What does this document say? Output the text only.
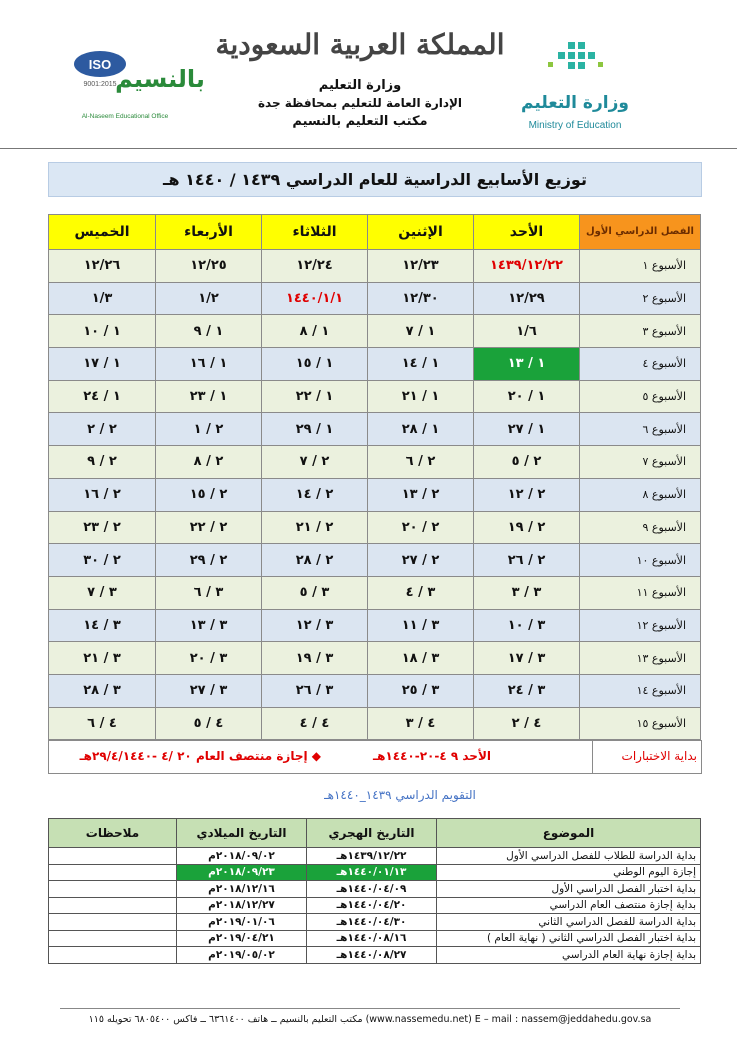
ISO
9001:2015
بالنسيم
Al-Naseem Educational Office
المملكة العربية السعودية
وزارة التعليم
الإدارة العامة للتعليم بمحافظة جدة
مكتب التعليم بالنسيم
وزارة التعليم
Ministry of Education
توزيع الأسابيع الدراسية للعام الدراسي ١٤٣٩ / ١٤٤٠ هـ
الفصل الدراسي الأول	الأحد	الإثنين	الثلاثاء	الأربعاء	الخميس
الأسبوع ١	١٤٣٩/١٢/٢٢	١٢/٢٣	١٢/٢٤	١٢/٢٥	١٢/٢٦
الأسبوع ٢	١٢/٢٩	١٢/٣٠	١٤٤٠/١/١	١/٢	١/٣
الأسبوع ٣	١/٦	١ / ٧	١ / ٨	١ / ٩	١ / ١٠
الأسبوع ٤	١ / ١٣	١ / ١٤	١ / ١٥	١ / ١٦	١ / ١٧
الأسبوع ٥	١ / ٢٠	١ / ٢١	١ / ٢٢	١ / ٢٣	١ / ٢٤
الأسبوع ٦	١ / ٢٧	١ / ٢٨	١ / ٢٩	٢ / ١	٢ / ٢
الأسبوع ٧	٢ / ٥	٢ / ٦	٢ / ٧	٢ / ٨	٢ / ٩
الأسبوع ٨	٢ / ١٢	٢ / ١٣	٢ / ١٤	٢ / ١٥	٢ / ١٦
الأسبوع ٩	٢ / ١٩	٢ / ٢٠	٢ / ٢١	٢ / ٢٢	٢ / ٢٣
الأسبوع ١٠	٢ / ٢٦	٢ / ٢٧	٢ / ٢٨	٢ / ٢٩	٢ / ٣٠
الأسبوع ١١	٣ / ٣	٣ / ٤	٣ / ٥	٣ / ٦	٣ / ٧
الأسبوع ١٢	٣ / ١٠	٣ / ١١	٣ / ١٢	٣ / ١٣	٣ / ١٤
الأسبوع ١٣	٣ / ١٧	٣ / ١٨	٣ / ١٩	٣ / ٢٠	٣ / ٢١
الأسبوع ١٤	٣ / ٢٤	٣ / ٢٥	٣ / ٢٦	٣ / ٢٧	٣ / ٢٨
الأسبوع ١٥	٤ / ٢	٤ / ٣	٤ / ٤	٤ / ٥	٤ / ٦
بداية الاختبارات
الأحد ٩ ٤-٢٠-١٤٤٠هـ
◆ إجازة منتصف العام ٢٠ /٤ -٢٩/٤/١٤٤٠هـ
التقويم الدراسي ١٤٣٩_١٤٤٠هـ
الموضوع	التاريخ الهجري	التاريخ الميلادي	ملاحظات
بداية الدراسة للطلاب للفصل الدراسي الأول	١٤٣٩/١٢/٢٢هـ	٢٠١٨/٠٩/٠٢م	
إجازة اليوم الوطني	١٤٤٠/٠١/١٣هـ	٢٠١٨/٠٩/٢٣م	
بداية اختبار الفصل الدراسي الأول	١٤٤٠/٠٤/٠٩هـ	٢٠١٨/١٢/١٦م	
بداية إجازة منتصف العام الدراسي	١٤٤٠/٠٤/٢٠هـ	٢٠١٨/١٢/٢٧م	
بداية الدراسة للفصل الدراسي الثاني	١٤٤٠/٠٤/٣٠هـ	٢٠١٩/٠١/٠٦م	
بداية اختبار الفصل الدراسي الثاني ( نهاية العام )	١٤٤٠/٠٨/١٦هـ	٢٠١٩/٠٤/٢١م	
بداية إجازة نهاية العام الدراسي	١٤٤٠/٠٨/٢٧هـ	٢٠١٩/٠٥/٠٢م	
مكتب التعليم بالنسيم ــ هاتف ٦٣٦١٤٠٠ ــ فاكس ٦٨٠٥٤٠٠ تحويله ١١٥ (www.nassemedu.net) E – mail : nassem@jeddahedu.gov.sa
